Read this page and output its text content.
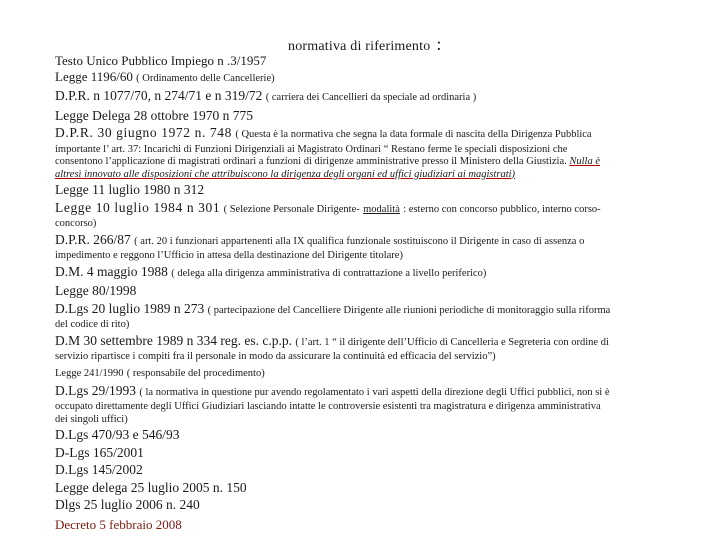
normativa di riferimento :
Testo Unico Pubblico Impiego n .3/1957
Legge 1196/60 ( Ordinamento delle Cancellerie)
D.P.R. n 1077/70, n 274/71 e n 319/72 ( carriera dei Cancellieri da speciale ad ordinaria )
Legge Delega 28 ottobre 1970 n 775
D.P.R. 30 giugno 1972 n. 748 ( Questa è la normativa che segna la data formale di nascita della Dirigenza Pubblica
importante l’ art. 37: Incarichi di Funzioni Dirigenziali ai Magistrato Ordinari “ Restano ferme le speciali disposizioni che
consentono l’applicazione di magistrati ordinari a funzioni di dirigenze amministrative presso il Ministero della Giustizia. Nulla è
altresì innovato alle disposizioni che attribuiscono la dirigenza degli organi ed uffici giudiziari ai magistrati)
Legge 11 luglio 1980 n 312
Legge 10 luglio 1984 n 301 ( Selezione Personale Dirigente- modalità : esterno con concorso pubblico, interno corso-
concorso)
D.P.R. 266/87 ( art. 20 i funzionari appartenenti alla IX qualifica funzionale sostituiscono il Dirigente in caso di assenza o
impedimento e reggono l’Ufficio in attesa della destinazione del Dirigente titolare)
D.M. 4 maggio 1988 ( delega alla dirigenza amministrativa di contrattazione a livello periferico)
Legge 80/1998
D.Lgs 20 luglio 1989 n 273 ( partecipazione del Cancelliere Dirigente alle riunioni periodiche di monitoraggio sulla riforma
del codice di rito)
D.M 30 settembre 1989 n 334 reg. es. c.p.p. ( l’art. 1 “ il dirigente dell’Ufficio di Cancelleria e Segreteria con ordine di
servizio ripartisce i compiti fra il personale in modo da assicurare la continuità ed efficacia del servizio”)
Legge 241/1990 ( responsabile del procedimento)
D.Lgs 29/1993 ( la normativa in questione pur avendo regolamentato i vari aspetti della direzione degli Uffici pubblici, non si è
occupato direttamente degli Uffici Giudiziari lasciando intatte le controversie esistenti tra magistratura e dirigenza amministrativa
dei singoli uffici)
D.Lgs 470/93 e 546/93
D-Lgs 165/2001
D.Lgs 145/2002
Legge delega 25 luglio 2005 n. 150
Dlgs 25 luglio 2006 n. 240
Decreto 5 febbraio 2008
